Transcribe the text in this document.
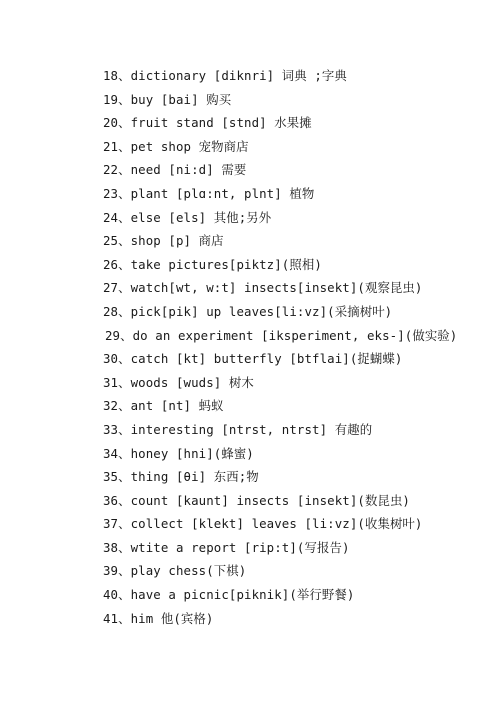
18、dictionary [diknri] 词典 ;字典
19、buy [bai] 购买
20、fruit stand [stnd] 水果摊
21、pet shop 宠物商店
22、need [ni:d] 需要
23、plant [plɑ:nt, plnt] 植物
24、else [els] 其他;另外
25、shop [p] 商店
26、take pictures[piktz](照相)
27、watch[wt, w:t] insects[insekt](观察昆虫)
28、pick[pik] up leaves[li:vz](采摘树叶)
29、do an experiment [iksperiment, eks-](做实验)
30、catch [kt] butterfly [btflai](捉蝴蝶)
31、woods [wuds] 树木
32、ant [nt] 蚂蚁
33、interesting [ntrst, ntrst] 有趣的
34、honey [hni](蜂蜜)
35、thing [θi] 东西;物
36、count [kaunt] insects [insekt](数昆虫)
37、collect [klekt] leaves [li:vz](收集树叶)
38、wtite a report [rip:t](写报告)
39、play chess(下棋)
40、have a picnic[piknik](举行野餐)
41、him 他(宾格)
